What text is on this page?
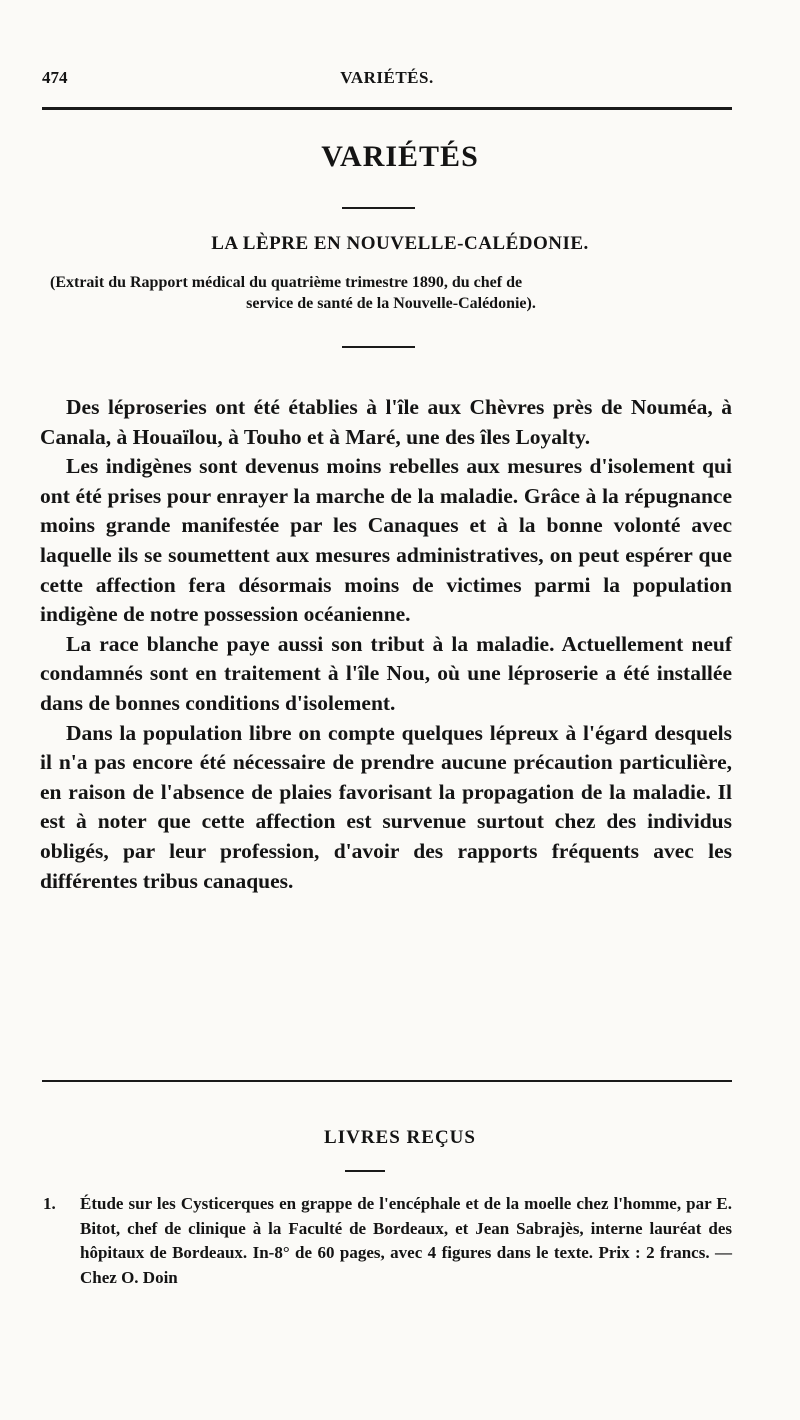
474	VARIÉTÉS.
VARIÉTÉS
LA LÈPRE EN NOUVELLE-CALÉDONIE.
(Extrait du Rapport médical du quatrième trimestre 1890, du chef de
service de santé de la Nouvelle-Calédonie).

Des léproseries ont été établies à l'île aux Chèvres près de Nouméa, à Canala, à Houaïlou, à Touho et à Maré, une des îles Loyalty.

Les indigènes sont devenus moins rebelles aux mesures d'isolement qui ont été prises pour enrayer la marche de la maladie. Grâce à la répugnance moins grande manifestée par les Canaques et à la bonne volonté avec laquelle ils se soumettent aux mesures administratives, on peut espérer que cette affection fera désormais moins de victimes parmi la population indigène de notre possession océanienne.

La race blanche paye aussi son tribut à la maladie. Actuellement neuf condamnés sont en traitement à l'île Nou, où une léproserie a été installée dans de bonnes conditions d'isolement.

Dans la population libre on compte quelques lépreux à l'égard desquels il n'a pas encore été nécessaire de prendre aucune précaution particulière, en raison de l'absence de plaies favorisant la propagation de la maladie. Il est à noter que cette affection est survenue surtout chez des individus obligés, par leur profession, d'avoir des rapports fréquents avec les différentes tribus canaques.

LIVRES REÇUS
1. Étude sur les Cysticerques en grappe de l'encéphale et de la moelle chez l'homme, par E. Bitot, chef de clinique à la Faculté de Bordeaux, et Jean Sabrajès, interne lauréat des hôpitaux de Bordeaux. In-8° de 60 pages, avec 4 figures dans le texte. Prix : 2 francs. — Chez O. Doin
